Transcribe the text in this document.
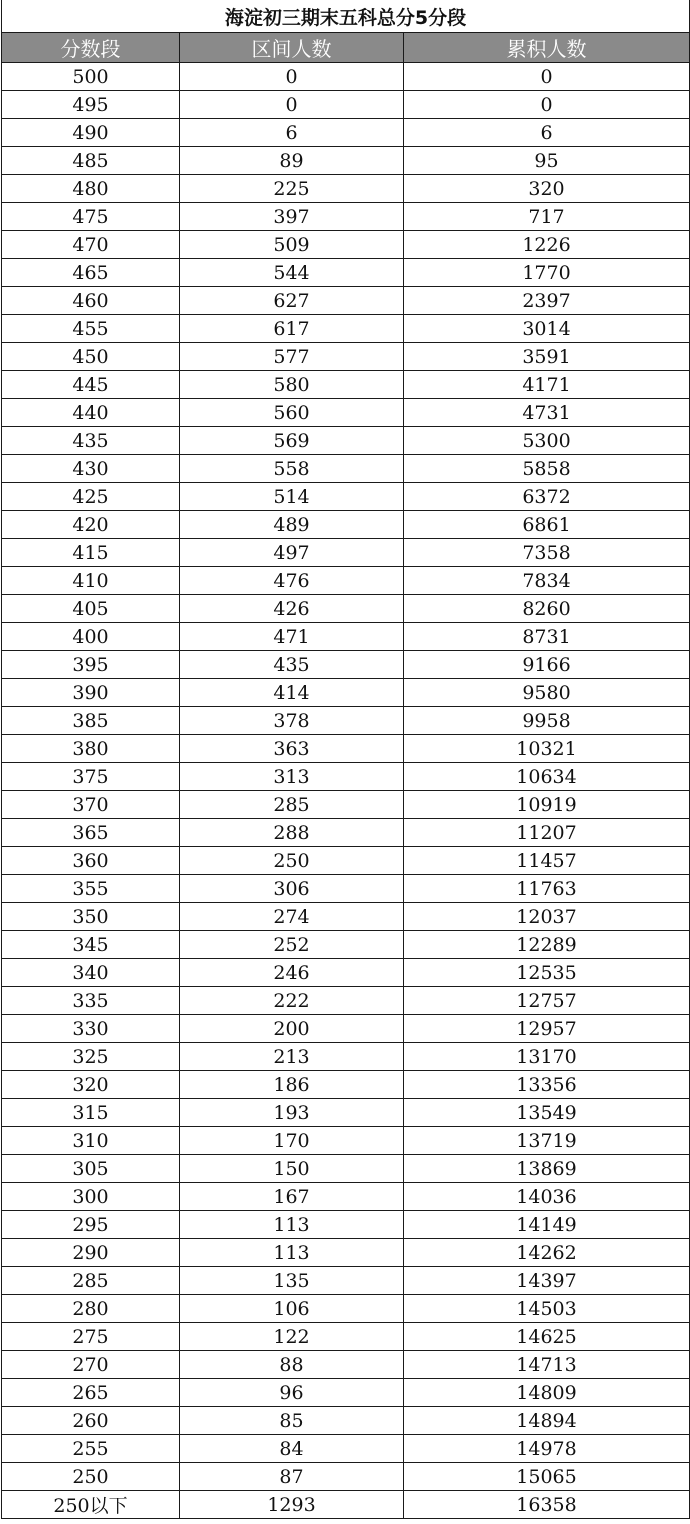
海淀初三期末五科总分5分段		
分数段	区间人数	累积人数
500	0	0
495	0	0
490	6	6
485	89	95
480	225	320
475	397	717
470	509	1226
465	544	1770
460	627	2397
455	617	3014
450	577	3591
445	580	4171
440	560	4731
435	569	5300
430	558	5858
425	514	6372
420	489	6861
415	497	7358
410	476	7834
405	426	8260
400	471	8731
395	435	9166
390	414	9580
385	378	9958
380	363	10321
375	313	10634
370	285	10919
365	288	11207
360	250	11457
355	306	11763
350	274	12037
345	252	12289
340	246	12535
335	222	12757
330	200	12957
325	213	13170
320	186	13356
315	193	13549
310	170	13719
305	150	13869
300	167	14036
295	113	14149
290	113	14262
285	135	14397
280	106	14503
275	122	14625
270	88	14713
265	96	14809
260	85	14894
255	84	14978
250	87	15065
250以下	1293	16358
